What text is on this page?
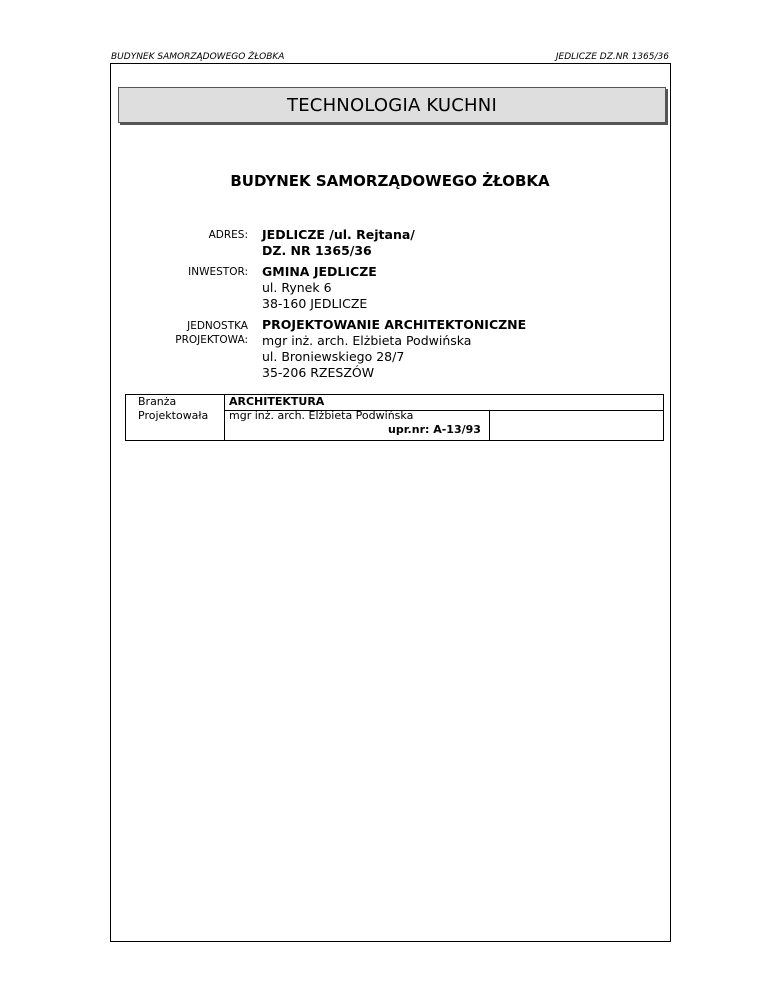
BUDYNEK SAMORZĄDOWEGO ŻŁOBKA	JEDLICZE DZ.NR 1365/36
TECHNOLOGIA KUCHNI
BUDYNEK SAMORZĄDOWEGO ŻŁOBKA
ADRES: JEDLICZE /ul. Rejtana/
DZ. NR 1365/36
INWESTOR: GMINA JEDLICZE
ul. Rynek 6
38-160 JEDLICZE
JEDNOSTKA
PROJEKTOWA:
PROJEKTOWANIE ARCHITEKTONICZNE
mgr inż. arch. Elżbieta Podwińska
ul. Broniewskiego 28/7
35-206 RZESZÓW
Branża	ARCHITEKTURA
Projektowała mgr inż. arch. Elżbieta Podwińska
upr.nr: A-13/93
